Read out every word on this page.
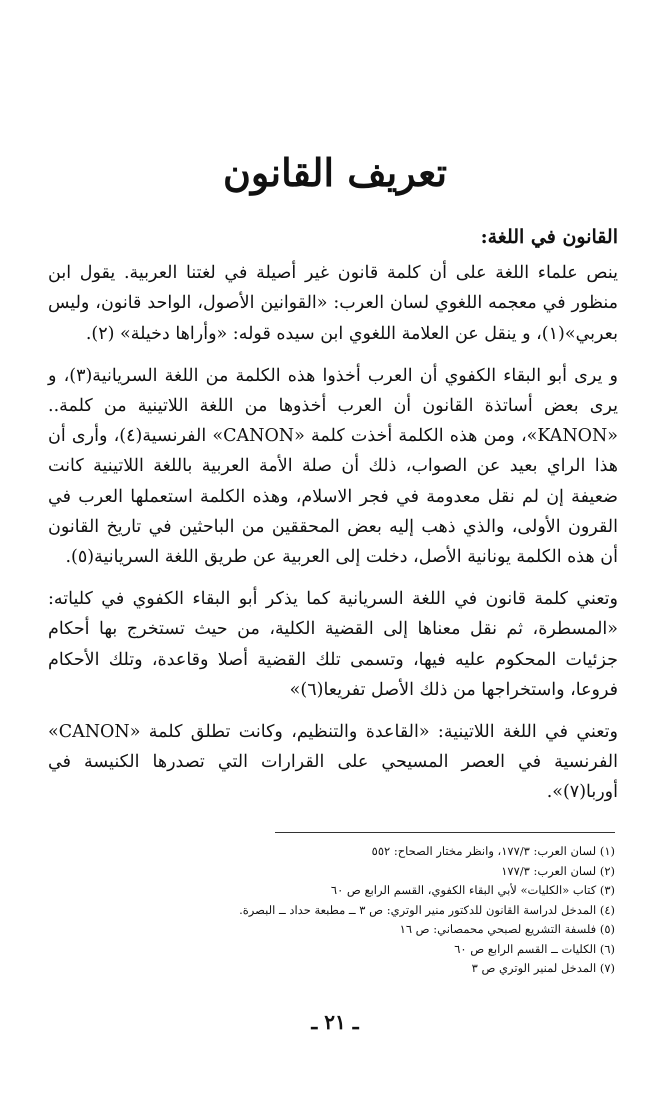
تعريف القانون
القانون في اللغة:

ينص علماء اللغة على أن كلمة قانون غير أصيلة في لغتنا العربية. يقول ابن منظور في معجمه اللغوي لسان العرب: «القوانين الأصول، الواحد قانون، وليس بعربي»(١)، و ينقل عن العلامة اللغوي ابن سيده قوله: «وأراها دخيلة» (٢).

و يرى أبو البقاء الكفوي أن العرب أخذوا هذه الكلمة من اللغة السريانية(٣)، و يرى بعض أساتذة القانون أن العرب أخذوها من اللغة اللاتينية من كلمة.. «KANON»، ومن هذه الكلمة أخذت كلمة «CANON» الفرنسية(٤)، وأرى أن هذا الراي بعيد عن الصواب، ذلك أن صلة الأمة العربية باللغة اللاتينية كانت ضعيفة إن لم نقل معدومة في فجر الاسلام، وهذه الكلمة استعملها العرب في القرون الأولى، والذي ذهب إليه بعض المحققين من الباحثين في تاريخ القانون أن هذه الكلمة يونانية الأصل، دخلت إلى العربية عن طريق اللغة السريانية(٥).

وتعني كلمة قانون في اللغة السريانية كما يذكر أبو البقاء الكفوي في كلياته: «المسطرة، ثم نقل معناها إلى القضية الكلية، من حيث تستخرج بها أحكام جزئيات المحكوم عليه فيها، وتسمى تلك القضية أصلا وقاعدة، وتلك الأحكام فروعا، واستخراجها من ذلك الأصل تفريعا(٦)»

وتعني في اللغة اللاتينية: «القاعدة والتنظيم، وكانت تطلق كلمة «CANON» الفرنسية في العصر المسيحي على القرارات التي تصدرها الكنيسة في أوربا(٧)».

(١) لسان العرب: ١٧٧/٣، وانظر مختار الصحاح: ٥٥٢
(٢) لسان العرب: ١٧٧/٣
(٣) كتاب «الكليات» لأبي البقاء الكفوي، القسم الرابع ص ٦٠
(٤) المدخل لدراسة القانون للدكتور منير الوتري: ص ٣ ــ مطبعة حداد ــ البصرة.
(٥) فلسفة التشريع لصبحي محمصاني: ص ١٦
(٦) الكليات ــ القسم الرابع ص ٦٠
(٧) المدخل لمنير الوتري ص ٣
ـ ٢١ ـ
